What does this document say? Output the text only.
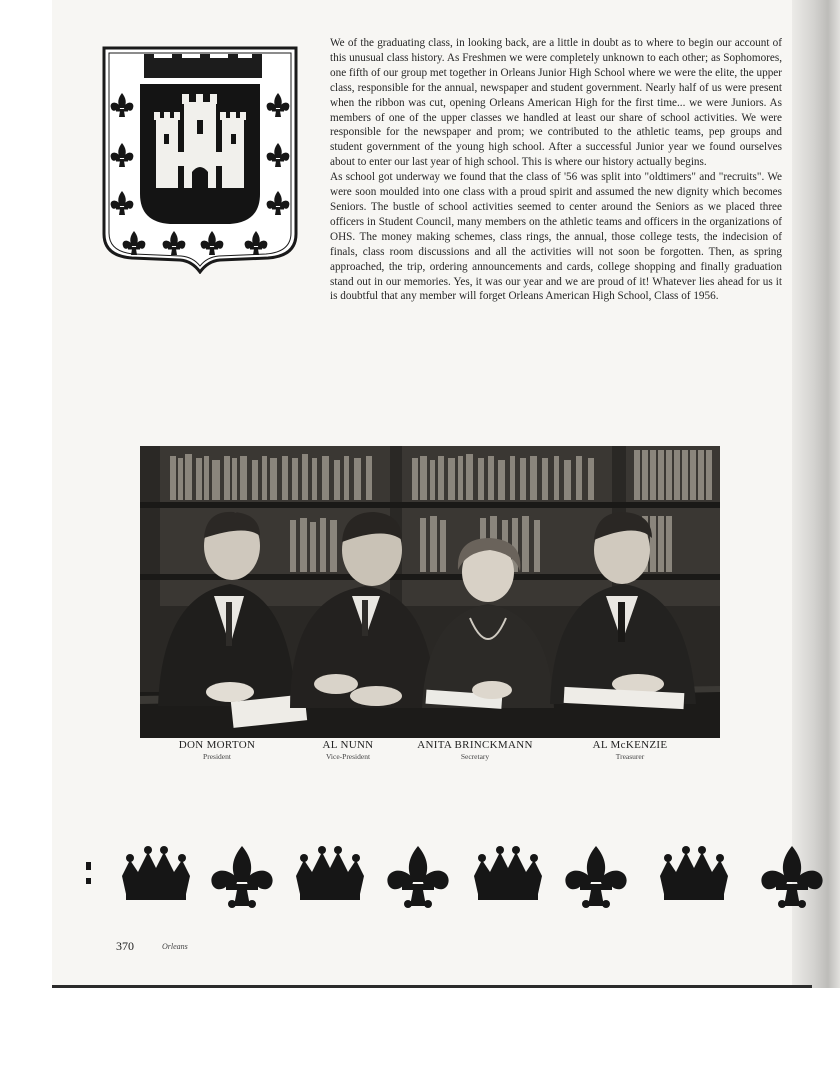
We of the graduating class, in looking back, are a little in doubt as to where to begin our account of this unusual class history. As Freshmen we were completely unknown to each other; as Sophomores, one fifth of our group met together in Orleans Junior High School where we were the elite, the upper class, responsible for the annual, newspaper and student government. Nearly half of us were present when the ribbon was cut, opening Orleans American High for the first time... we were Juniors. As members of one of the upper classes we handled at least our share of school activities. We were responsible for the newspaper and prom; we contributed to the athletic teams, pep groups and student government of the young high school. After a successful Junior year we found ourselves about to enter our last year of high school. This is where our history actually begins.

As school got underway we found that the class of '56 was split into "oldtimers" and "recruits". We were soon moulded into one class with a proud spirit and assumed the new dignity which becomes Seniors. The bustle of school activities seemed to center around the Seniors as we placed three officers in Student Council, many members on the athletic teams and officers in the organizations of OHS. The money making schemes, class rings, the annual, those college tests, the indecision of finals, class room discussions and all the activities will not soon be forgotten. Then, as spring approached, the trip, ordering announcements and cards, college shopping and finally graduation stand out in our memories. Yes, it was our year and we are proud of it! Whatever lies ahead for us it is doubtful that any member will forget Orleans American High School, Class of 1956.

DON MORTON
President
AL NUNN
Vice-President
ANITA BRINCKMANN
Secretary
AL McKENZIE
Treasurer
370	Orleans
